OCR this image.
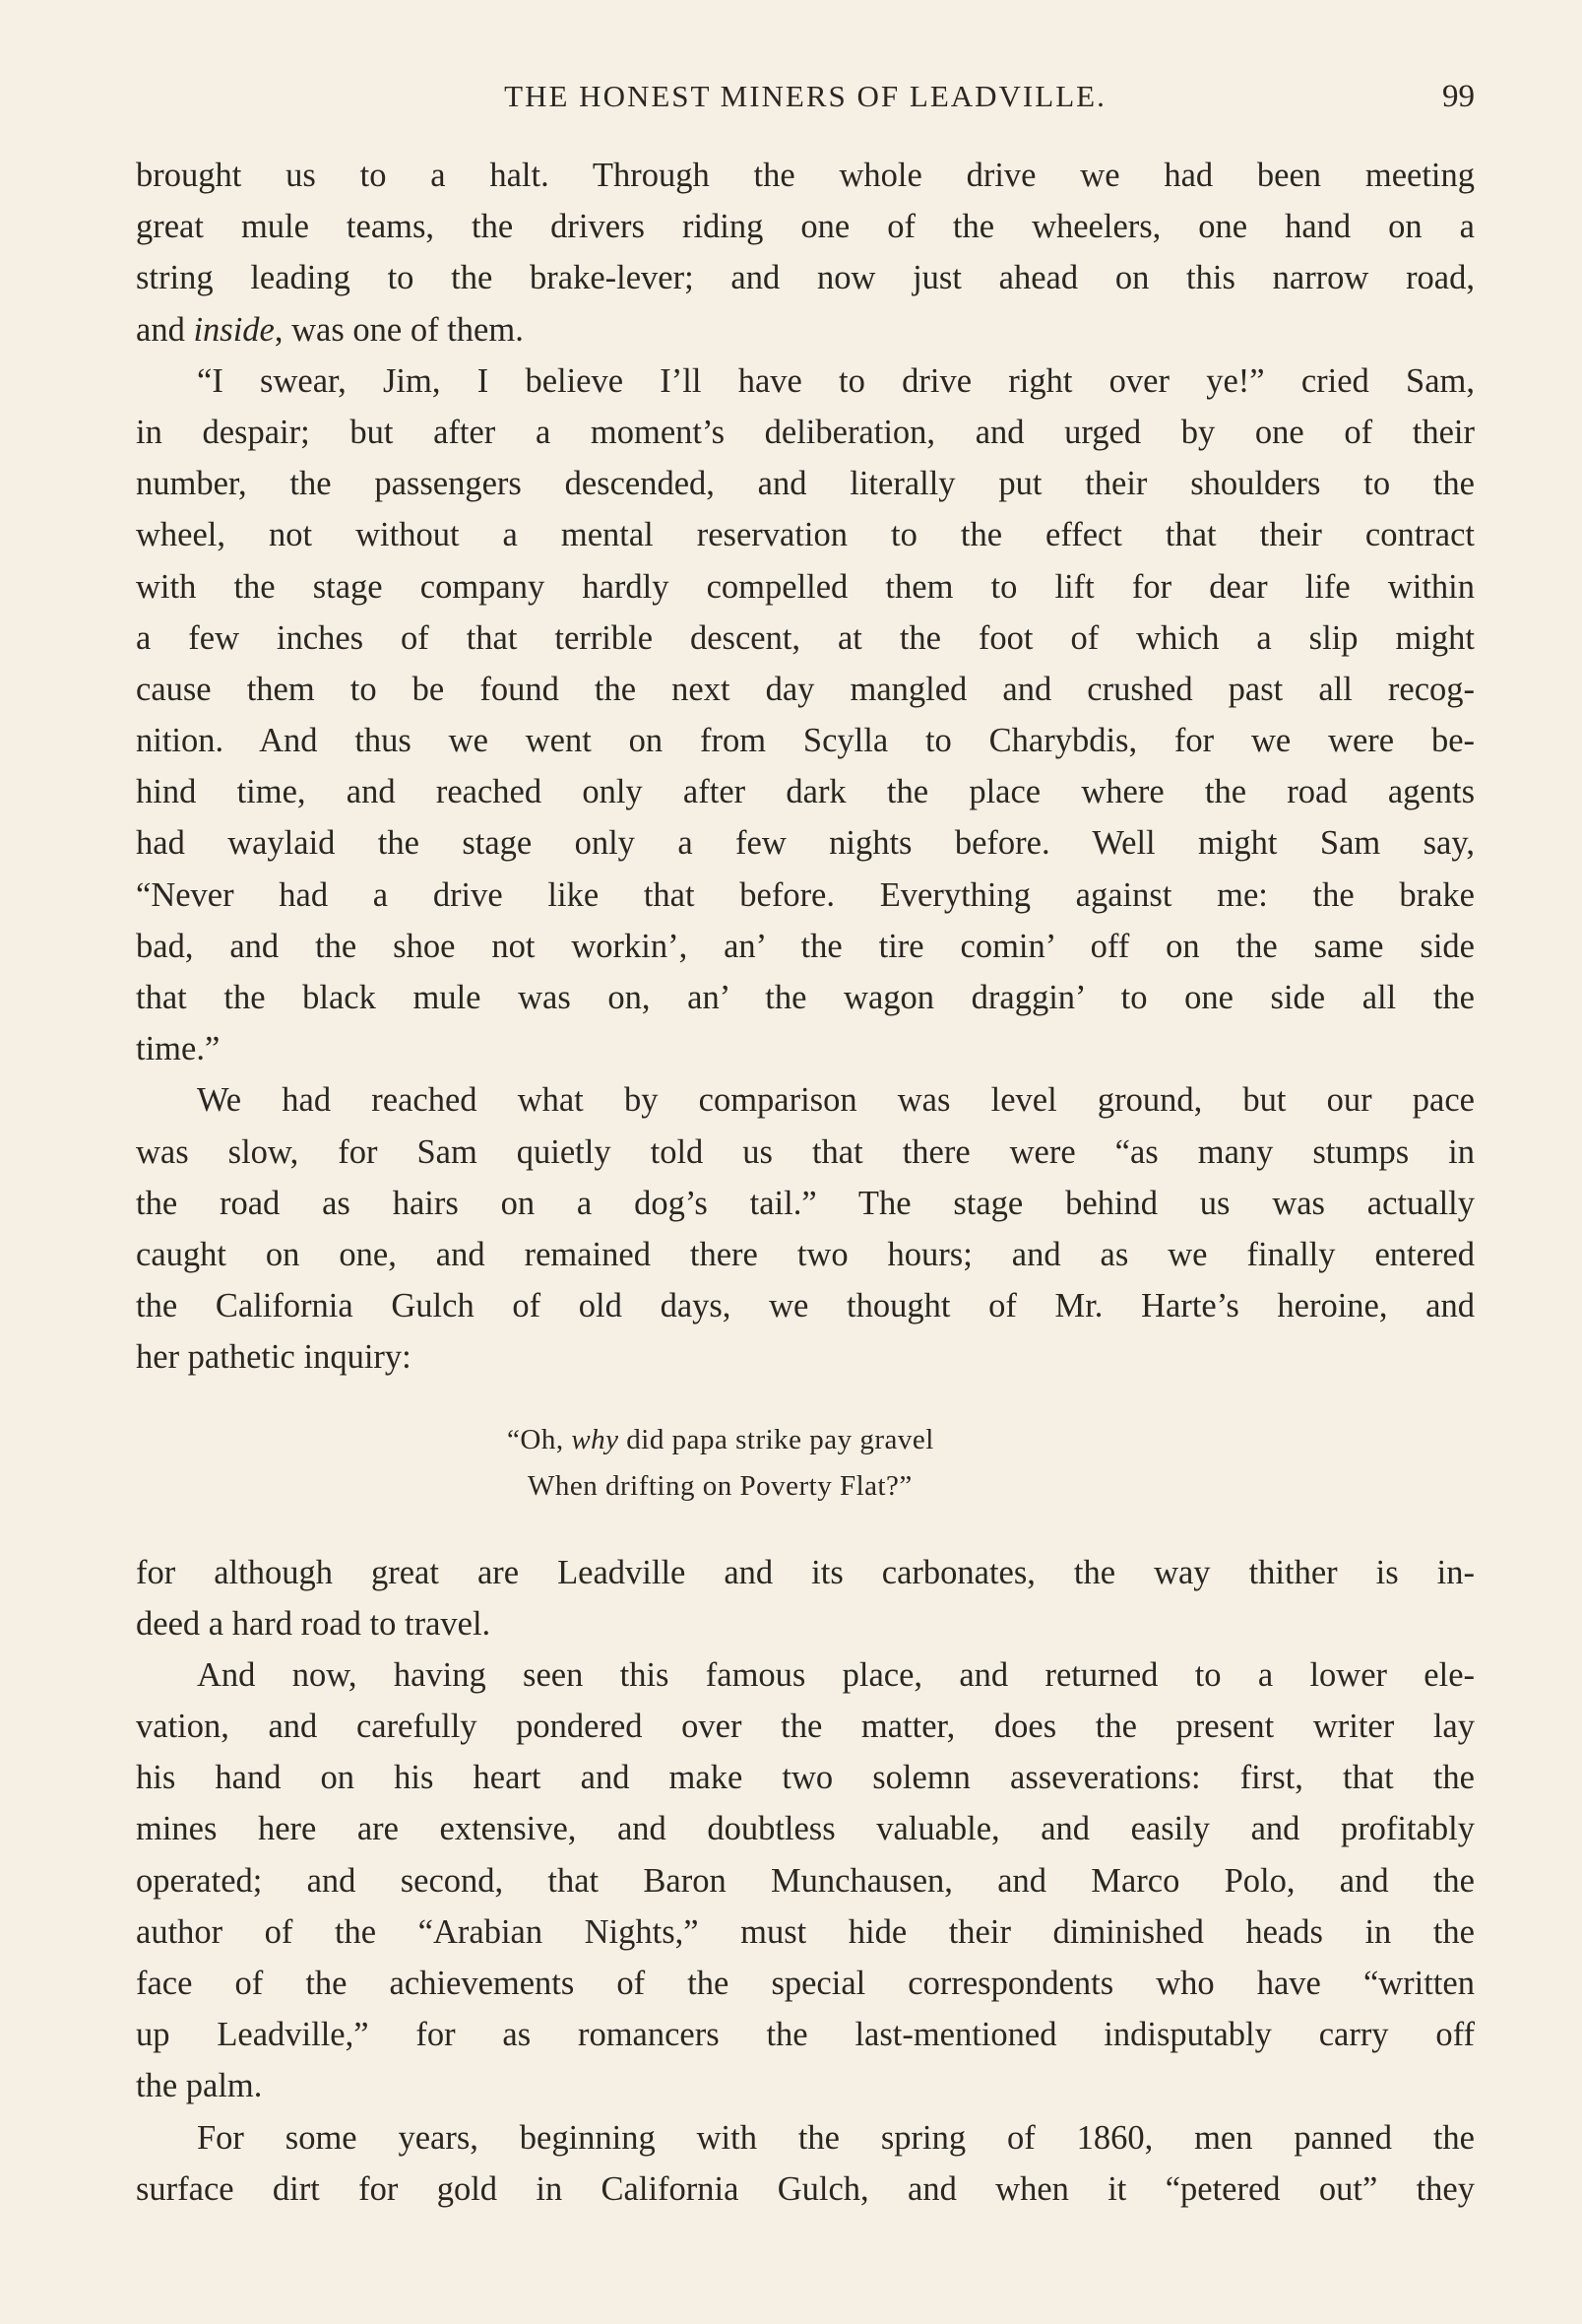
THE HONEST MINERS OF LEADVILLE.	99
brought us to a halt. Through the whole drive we had been meeting
great mule teams, the drivers riding one of the wheelers, one hand on a
string leading to the brake-lever; and now just ahead on this narrow road,
and inside, was one of them.
“I swear, Jim, I believe I’ll have to drive right over ye!” cried Sam,
in despair; but after a moment’s deliberation, and urged by one of their
number, the passengers descended, and literally put their shoulders to the
wheel, not without a mental reservation to the effect that their contract
with the stage company hardly compelled them to lift for dear life within
a few inches of that terrible descent, at the foot of which a slip might
cause them to be found the next day mangled and crushed past all recog-
nition. And thus we went on from Scylla to Charybdis, for we were be-
hind time, and reached only after dark the place where the road agents
had waylaid the stage only a few nights before. Well might Sam say,
“Never had a drive like that before. Everything against me: the brake
bad, and the shoe not workin’, an’ the tire comin’ off on the same side
that the black mule was on, an’ the wagon draggin’ to one side all the
time.”
We had reached what by comparison was level ground, but our pace
was slow, for Sam quietly told us that there were “as many stumps in
the road as hairs on a dog’s tail.” The stage behind us was actually
caught on one, and remained there two hours; and as we finally entered
the California Gulch of old days, we thought of Mr. Harte’s heroine, and
her pathetic inquiry:
“Oh, why did papa strike pay gravel
When drifting on Poverty Flat?”
for although great are Leadville and its carbonates, the way thither is in-
deed a hard road to travel.
And now, having seen this famous place, and returned to a lower ele-
vation, and carefully pondered over the matter, does the present writer lay
his hand on his heart and make two solemn asseverations: first, that the
mines here are extensive, and doubtless valuable, and easily and profitably
operated; and second, that Baron Munchausen, and Marco Polo, and the
author of the “Arabian Nights,” must hide their diminished heads in the
face of the achievements of the special correspondents who have “written
up Leadville,” for as romancers the last-mentioned indisputably carry off
the palm.
For some years, beginning with the spring of 1860, men panned the
surface dirt for gold in California Gulch, and when it “petered out” they
